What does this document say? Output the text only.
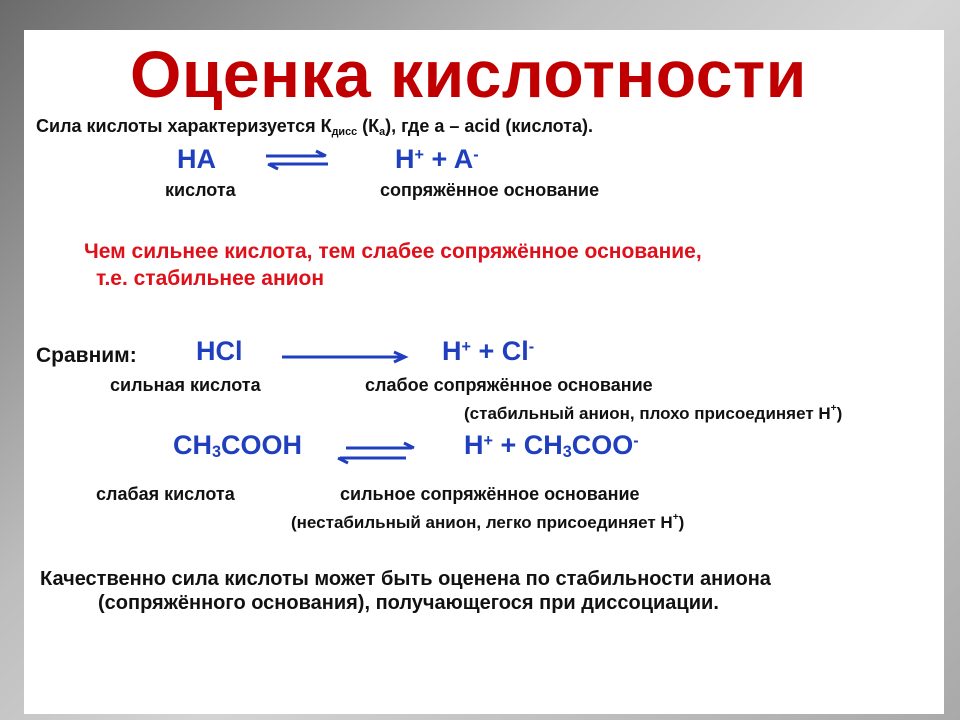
Оценка кислотности
Сила кислоты характеризуется $К_{дисс}$ $(К_а)$, где a – acid (кислота).
HA	H+ + A-
кислота	сопряжённое основание
Чем сильнее кислота, тем слабее сопряжённое основание,
т.е. стабильнее анион
Сравним: HCl	H+ + Cl-
сильная кислота	слабое сопряжённое основание
(стабильный анион, плохо присоединяет H+)
$CH_3COOH$	$H^+ + CH_3COO^-$
слабая кислота	сильное сопряжённое основание
(нестабильный анион, легко присоединяет H+)
Качественно сила кислоты может быть оценена по стабильности аниона
(сопряжённого основания), получающегося при диссоциации.
